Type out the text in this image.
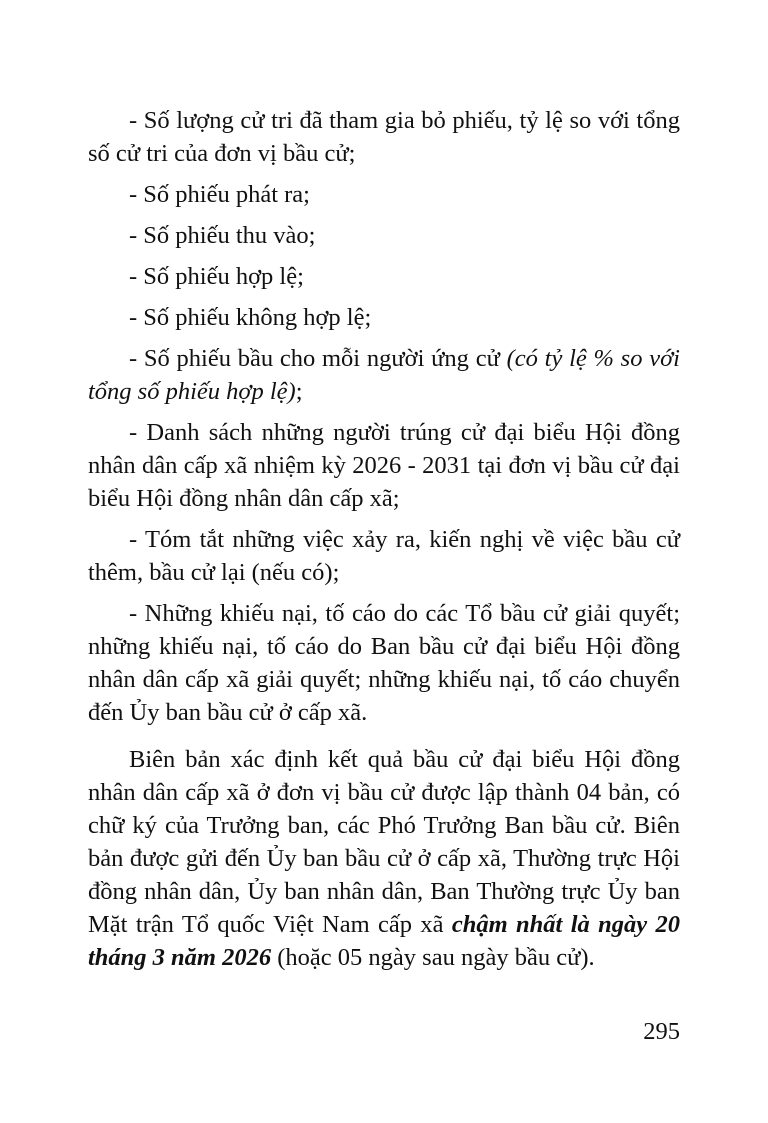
- Số lượng cử tri đã tham gia bỏ phiếu, tỷ lệ so với tổng số cử tri của đơn vị bầu cử;

- Số phiếu phát ra;

- Số phiếu thu vào;

- Số phiếu hợp lệ;

- Số phiếu không hợp lệ;

- Số phiếu bầu cho mỗi người ứng cử (có tỷ lệ % so với tổng số phiếu hợp lệ);

- Danh sách những người trúng cử đại biểu Hội đồng nhân dân cấp xã nhiệm kỳ 2026 - 2031 tại đơn vị bầu cử đại biểu Hội đồng nhân dân cấp xã;

- Tóm tắt những việc xảy ra, kiến nghị về việc bầu cử thêm, bầu cử lại (nếu có);

- Những khiếu nại, tố cáo do các Tổ bầu cử giải quyết; những khiếu nại, tố cáo do Ban bầu cử đại biểu Hội đồng nhân dân cấp xã giải quyết; những khiếu nại, tố cáo chuyển đến Ủy ban bầu cử ở cấp xã.

Biên bản xác định kết quả bầu cử đại biểu Hội đồng nhân dân cấp xã ở đơn vị bầu cử được lập thành 04 bản, có chữ ký của Trưởng ban, các Phó Trưởng Ban bầu cử. Biên bản được gửi đến Ủy ban bầu cử ở cấp xã, Thường trực Hội đồng nhân dân, Ủy ban nhân dân, Ban Thường trực Ủy ban Mặt trận Tổ quốc Việt Nam cấp xã chậm nhất là ngày 20 tháng 3 năm 2026 (hoặc 05 ngày sau ngày bầu cử).

295
